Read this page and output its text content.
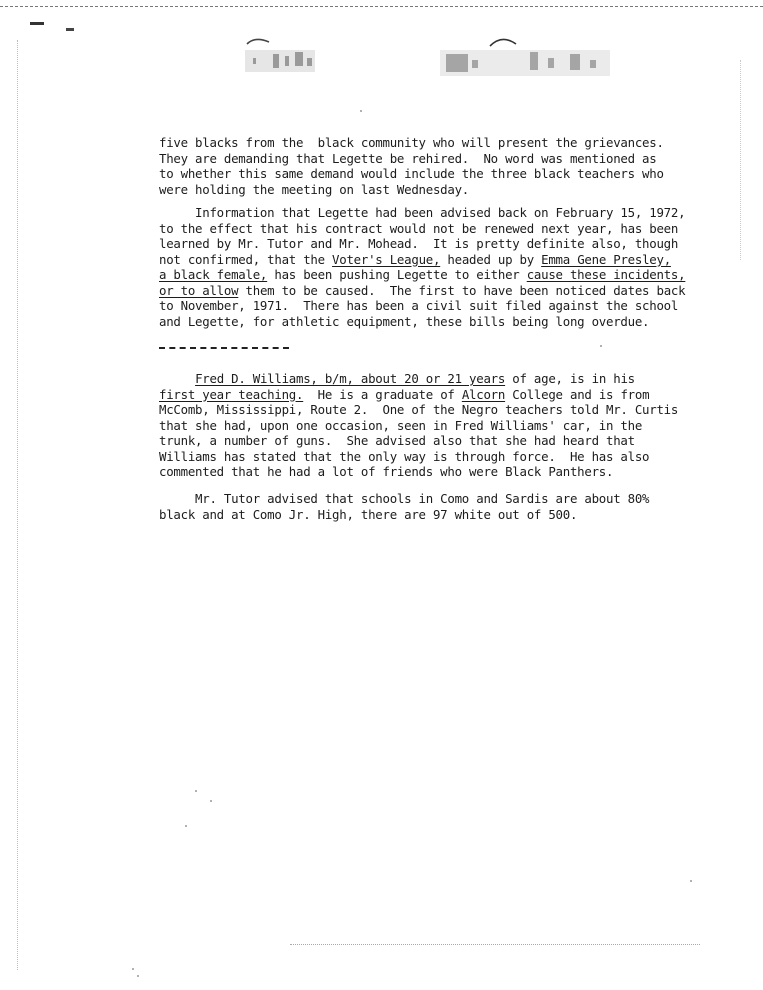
five blacks from the  black community who will present the grievances.
They are demanding that Legette be rehired.  No word was mentioned as
to whether this same demand would include the three black teachers who
were holding the meeting on last Wednesday.
Information that Legette had been advised back on February 15, 1972,
to the effect that his contract would not be renewed next year, has been
learned by Mr. Tutor and Mr. Mohead.  It is pretty definite also, though
not confirmed, that the Voter's League, headed up by Emma Gene Presley,
a black female, has been pushing Legette to either cause these incidents,
or to allow them to be caused.  The first to have been noticed dates back
to November, 1971.  There has been a civil suit filed against the school
and Legette, for athletic equipment, these bills being long overdue.
Fred D. Williams, b/m, about 20 or 21 years of age, is in his
first year teaching.  He is a graduate of Alcorn College and is from
McComb, Mississippi, Route 2.  One of the Negro teachers told Mr. Curtis
that she had, upon one occasion, seen in Fred Williams' car, in the
trunk, a number of guns.  She advised also that she had heard that
Williams has stated that the only way is through force.  He has also
commented that he had a lot of friends who were Black Panthers.
Mr. Tutor advised that schools in Como and Sardis are about 80%
black and at Como Jr. High, there are 97 white out of 500.
